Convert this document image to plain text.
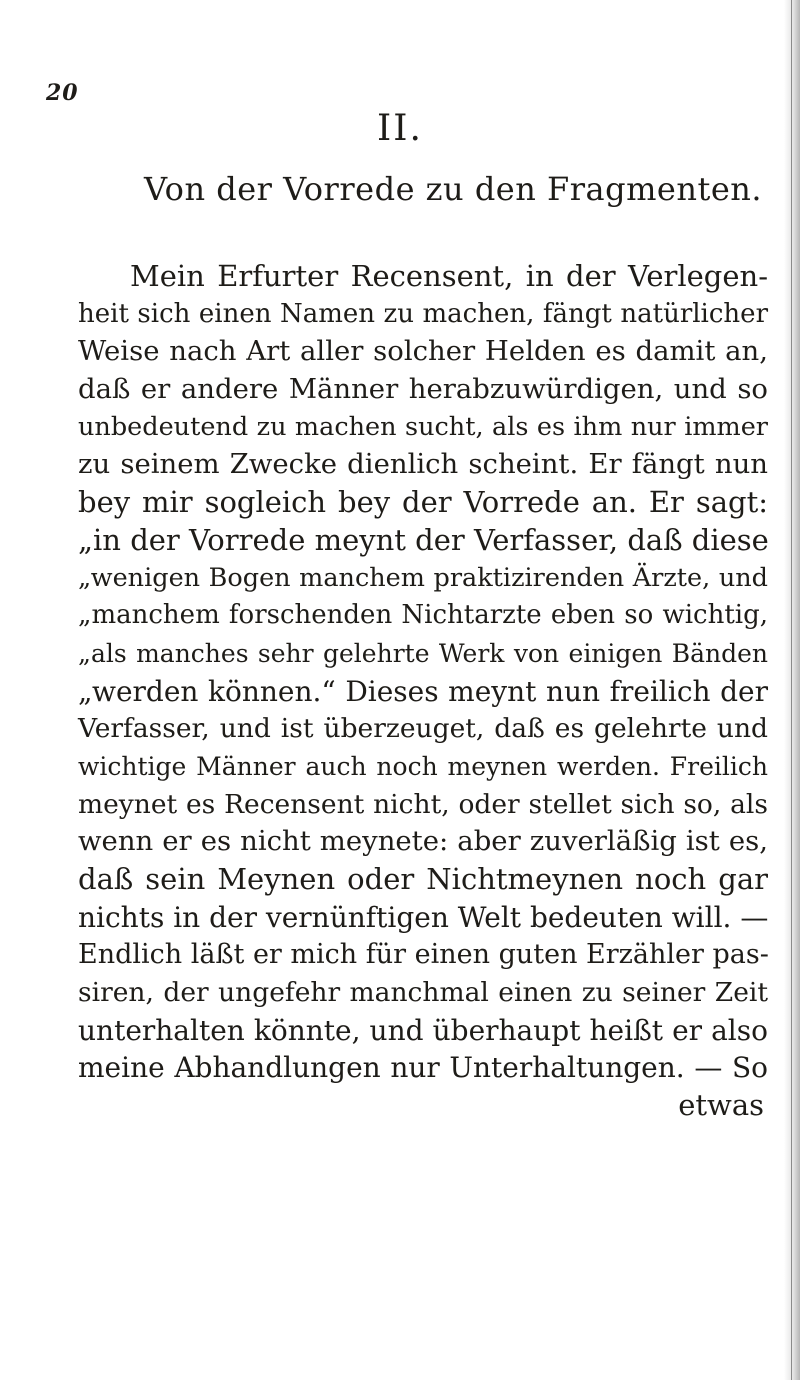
20
II.
Von der Vorrede zu den Fragmenten.
Mein Erfurter Recensent, in der Verlegen-
heit sich einen Namen zu machen, fängt natürlicher
Weise nach Art aller solcher Helden es damit an,
daß er andere Männer herabzuwürdigen, und so
unbedeutend zu machen sucht, als es ihm nur immer
zu seinem Zwecke dienlich scheint. Er fängt nun
bey mir sogleich bey der Vorrede an. Er sagt:
„in der Vorrede meynt der Verfasser, daß diese
„wenigen Bogen manchem praktizirenden Ärzte, und
„manchem forschenden Nichtarzte eben so wichtig,
„als manches sehr gelehrte Werk von einigen Bänden
„werden können.“ Dieses meynt nun freilich der
Verfasser, und ist überzeuget, daß es gelehrte und
wichtige Männer auch noch meynen werden. Freilich
meynet es Recensent nicht, oder stellet sich so, als
wenn er es nicht meynete: aber zuverläßig ist es,
daß sein Meynen oder Nichtmeynen noch gar
nichts in der vernünftigen Welt bedeuten will. —
Endlich läßt er mich für einen guten Erzähler pas-
siren, der ungefehr manchmal einen zu seiner Zeit
unterhalten könnte, und überhaupt heißt er also
meine Abhandlungen nur Unterhaltungen. — So
etwas
